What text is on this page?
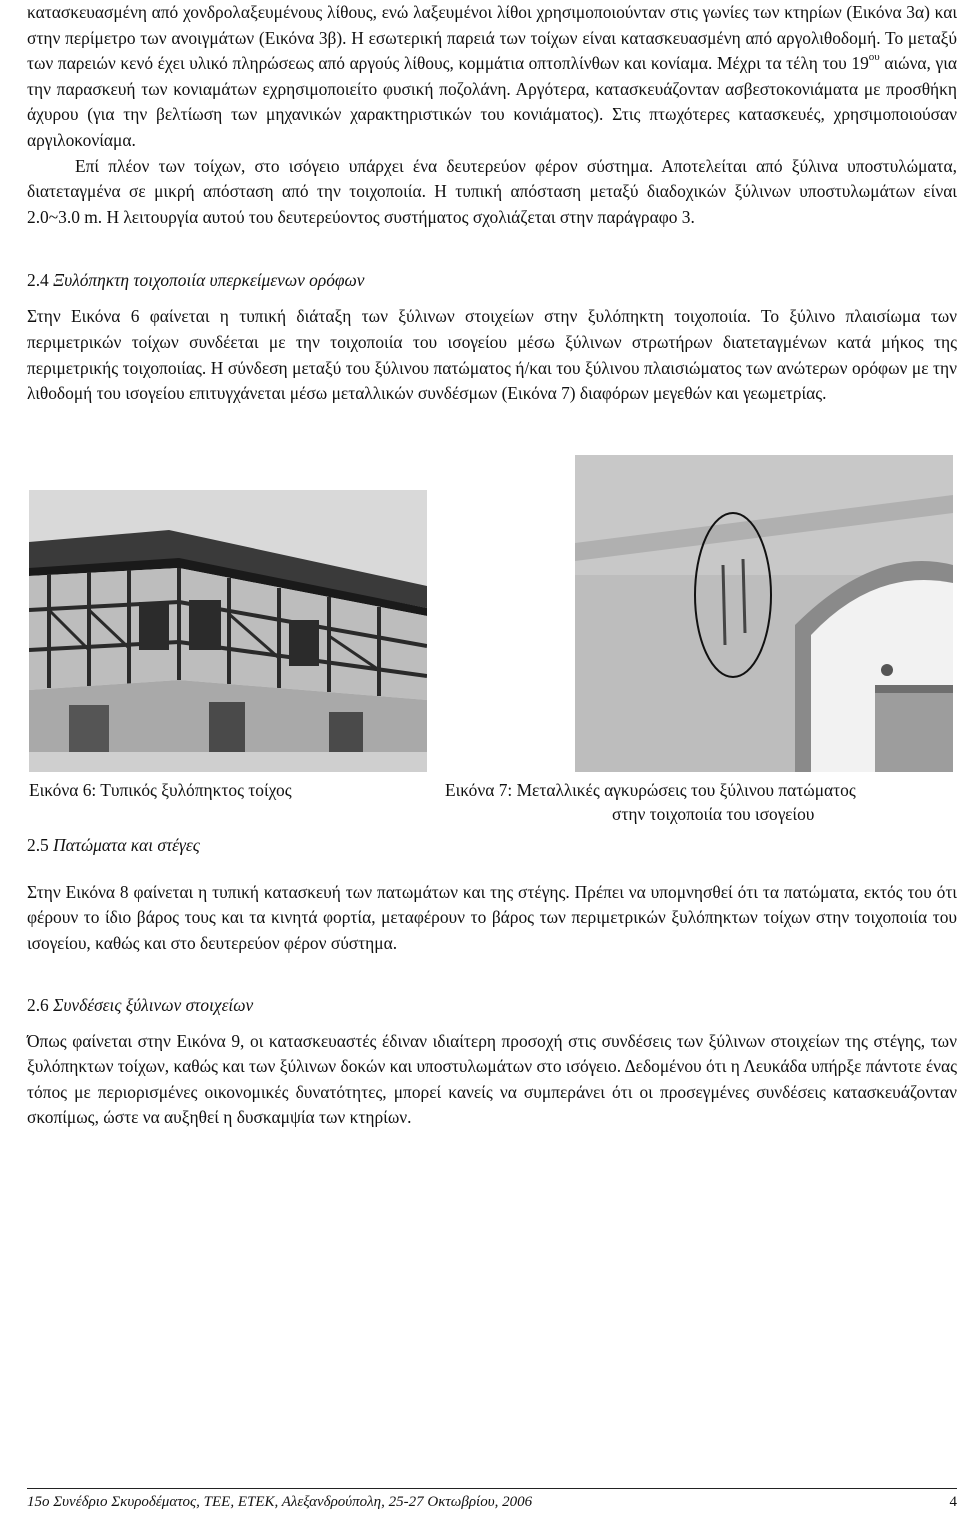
κατασκευασμένη από χονδρολαξευμένους λίθους, ενώ λαξευμένοι λίθοι χρησιμοποιούνταν στις γωνίες των κτηρίων (Εικόνα 3α) και στην περίμετρο των ανοιγμάτων (Εικόνα 3β). Η εσωτερική παρειά των τοίχων είναι κατασκευασμένη από αργολιθοδομή. Το μεταξύ των παρειών κενό έχει υλικό πληρώσεως από αργούς λίθους, κομμάτια οπτοπλίνθων και κονίαμα. Μέχρι τα τέλη του $19^{o\upsilon}$ αιώνα, για την παρασκευή των κονιαμάτων εχρησιμοποιείτο φυσική ποζολάνη. Αργότερα, κατασκευάζονταν ασβεστοκονιάματα με προσθήκη άχυρου (για την βελτίωση των μηχανικών χαρακτηριστικών του κονιάματος). Στις πτωχότερες κατασκευές, χρησιμοποιούσαν αργιλοκονίαμα.

Επί πλέον των τοίχων, στο ισόγειο υπάρχει ένα δευτερεύον φέρον σύστημα. Αποτελείται από ξύλινα υποστυλώματα, διατεταγμένα σε μικρή απόσταση από την τοιχοποιία. Η τυπική απόσταση μεταξύ διαδοχικών ξύλινων υποστυλωμάτων είναι 2.0~3.0 m. Η λειτουργία αυτού του δευτερεύοντος συστήματος σχολιάζεται στην παράγραφο 3.

2.4 Ξυλόπηκτη τοιχοποιία υπερκείμενων ορόφων

Στην Εικόνα 6 φαίνεται η τυπική διάταξη των ξύλινων στοιχείων στην ξυλόπηκτη τοιχοποιία. Το ξύλινο πλαισίωμα των περιμετρικών τοίχων συνδέεται με την τοιχοποιία του ισογείου μέσω ξύλινων στρωτήρων διατεταγμένων κατά μήκος της περιμετρικής τοιχοποιίας. Η σύνδεση μεταξύ του ξύλινου πατώματος ή/και του ξύλινου πλαισιώματος των ανώτερων ορόφων με την λιθοδομή του ισογείου επιτυγχάνεται μέσω μεταλλικών συνδέσμων (Εικόνα 7) διαφόρων μεγεθών και γεωμετρίας.

Εικόνα 6: Τυπικός ξυλόπηκτος τοίχος	Εικόνα 7: Μεταλλικές αγκυρώσεις του ξύλινου πατώματος
στην τοιχοποιία του ισογείου

2.5 Πατώματα και στέγες

Στην Εικόνα 8 φαίνεται η τυπική κατασκευή των πατωμάτων και της στέγης. Πρέπει να υπομνησθεί ότι τα πατώματα, εκτός του ότι φέρουν το ίδιο βάρος τους και τα κινητά φορτία, μεταφέρουν το βάρος των περιμετρικών ξυλόπηκτων τοίχων στην τοιχοποιία του ισογείου, καθώς και στο δευτερεύον φέρον σύστημα.

2.6 Συνδέσεις ξύλινων στοιχείων

Όπως φαίνεται στην Εικόνα 9, οι κατασκευαστές έδιναν ιδιαίτερη προσοχή στις συνδέσεις των ξύλινων στοιχείων της στέγης, των ξυλόπηκτων τοίχων, καθώς και των ξύλινων δοκών και υποστυλωμάτων στο ισόγειο. Δεδομένου ότι η Λευκάδα υπήρξε πάντοτε ένας τόπος με περιορισμένες οικονομικές δυνατότητες, μπορεί κανείς να συμπεράνει ότι οι προσεγμένες συνδέσεις κατασκευάζονταν σκοπίμως, ώστε να αυξηθεί η δυσκαμψία των κτηρίων.

15ο Συνέδριο Σκυροδέματος, ΤΕΕ, ΕΤΕΚ, Αλεξανδρούπολη, 25-27 Οκτωβρίου, 2006	4
